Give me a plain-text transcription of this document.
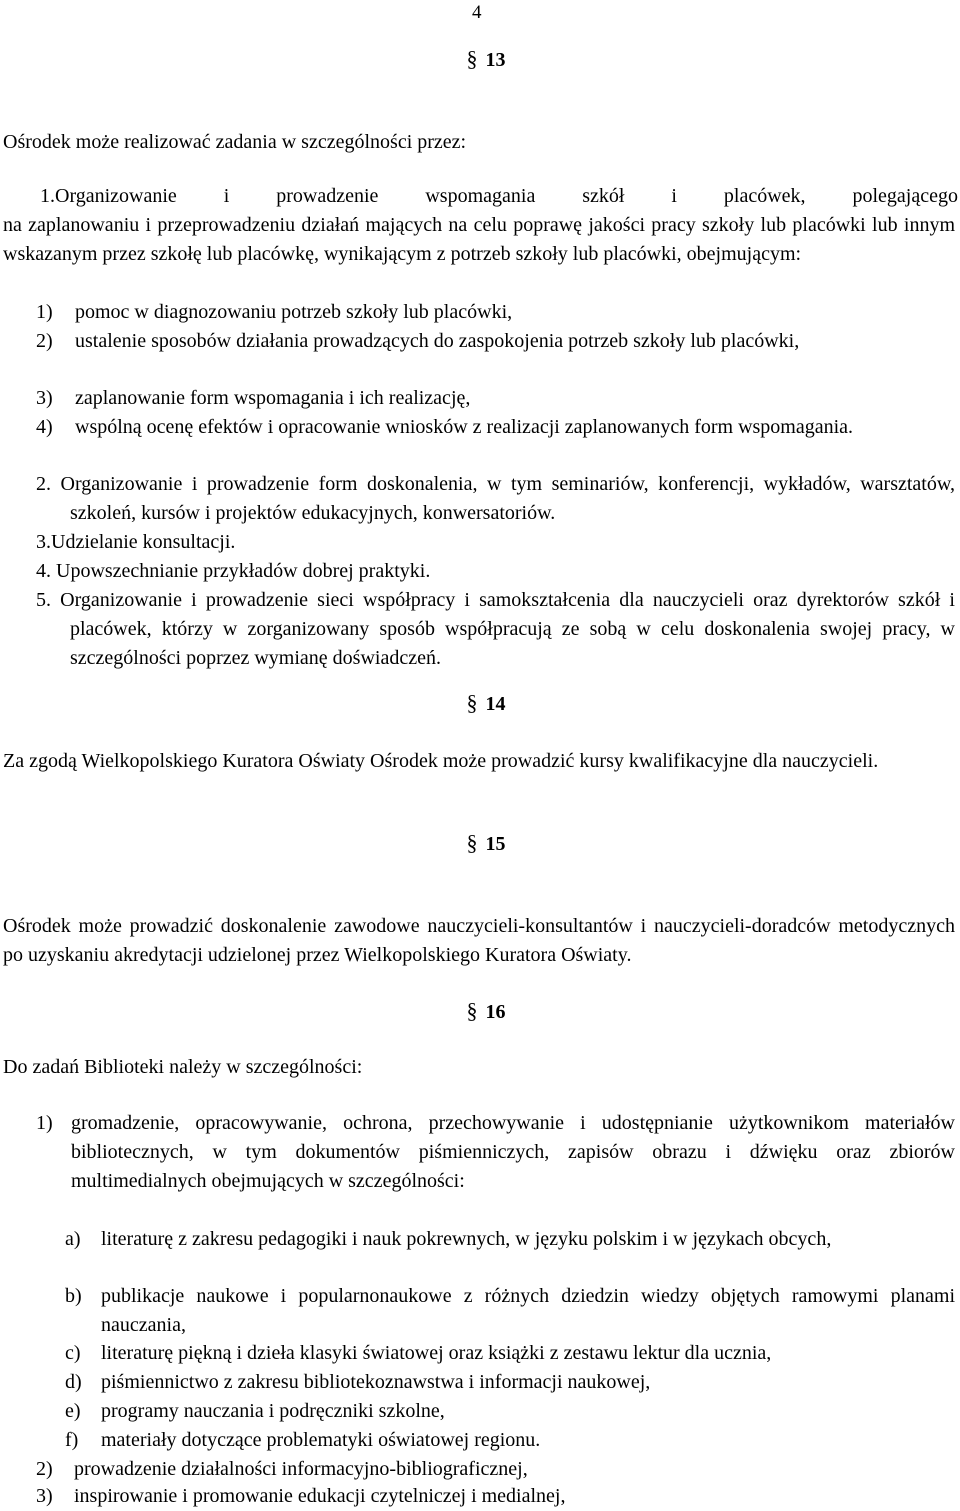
4
§ 13
Ośrodek może realizować zadania w szczególności przez:
1.Organizowanie i prowadzenie wspomagania szkół i placówek, polegającego
na zaplanowaniu i przeprowadzeniu działań mających na celu poprawę jakości pracy szkoły lub placówki lub innym wskazanym przez szkołę lub placówkę, wynikającym z potrzeb szkoły lub placówki, obejmującym:
1)	pomoc w diagnozowaniu potrzeb szkoły lub placówki,
2)	ustalenie sposobów działania prowadzących do zaspokojenia potrzeb szkoły lub placówki,
3)	zaplanowanie form wspomagania i ich realizację,
4)	wspólną ocenę efektów i opracowanie wniosków z realizacji zaplanowanych form wspomagania.
2. Organizowanie i prowadzenie form doskonalenia, w tym seminariów, konferencji, wykładów, warsztatów, szkoleń, kursów i projektów edukacyjnych, konwersatoriów.
3.Udzielanie konsultacji.
4. Upowszechnianie przykładów dobrej praktyki.
5. Organizowanie i prowadzenie sieci współpracy i samokształcenia dla nauczycieli oraz dyrektorów szkół i placówek, którzy w zorganizowany sposób współpracują ze sobą w celu doskonalenia swojej pracy, w szczególności poprzez wymianę doświadczeń.
§ 14
Za zgodą Wielkopolskiego Kuratora Oświaty Ośrodek może prowadzić kursy kwalifikacyjne dla nauczycieli.
§ 15
Ośrodek może prowadzić doskonalenie zawodowe nauczycieli-konsultantów i nauczycieli-doradców metodycznych po uzyskaniu akredytacji udzielonej przez Wielkopolskiego Kuratora Oświaty.
§ 16
Do zadań Biblioteki należy w szczególności:
1) gromadzenie, opracowywanie, ochrona, przechowywanie i udostępnianie użytkownikom materiałów bibliotecznych, w tym dokumentów piśmienniczych, zapisów obrazu i dźwięku oraz zbiorów multimedialnych obejmujących w szczególności:
a)	literaturę z zakresu pedagogiki i nauk pokrewnych, w języku polskim i w językach obcych,
b) publikacje naukowe i popularnonaukowe z różnych dziedzin wiedzy objętych ramowymi planami nauczania,
c)	literaturę piękną i dzieła klasyki światowej oraz książki z zestawu lektur dla ucznia,
d) piśmiennictwo z zakresu bibliotekoznawstwa i informacji naukowej,
e)	programy nauczania i podręczniki szkolne,
f)	materiały dotyczące problematyki oświatowej regionu.
2)	prowadzenie działalności informacyjno-bibliograficznej,
3)	inspirowanie i promowanie edukacji czytelniczej i medialnej,
